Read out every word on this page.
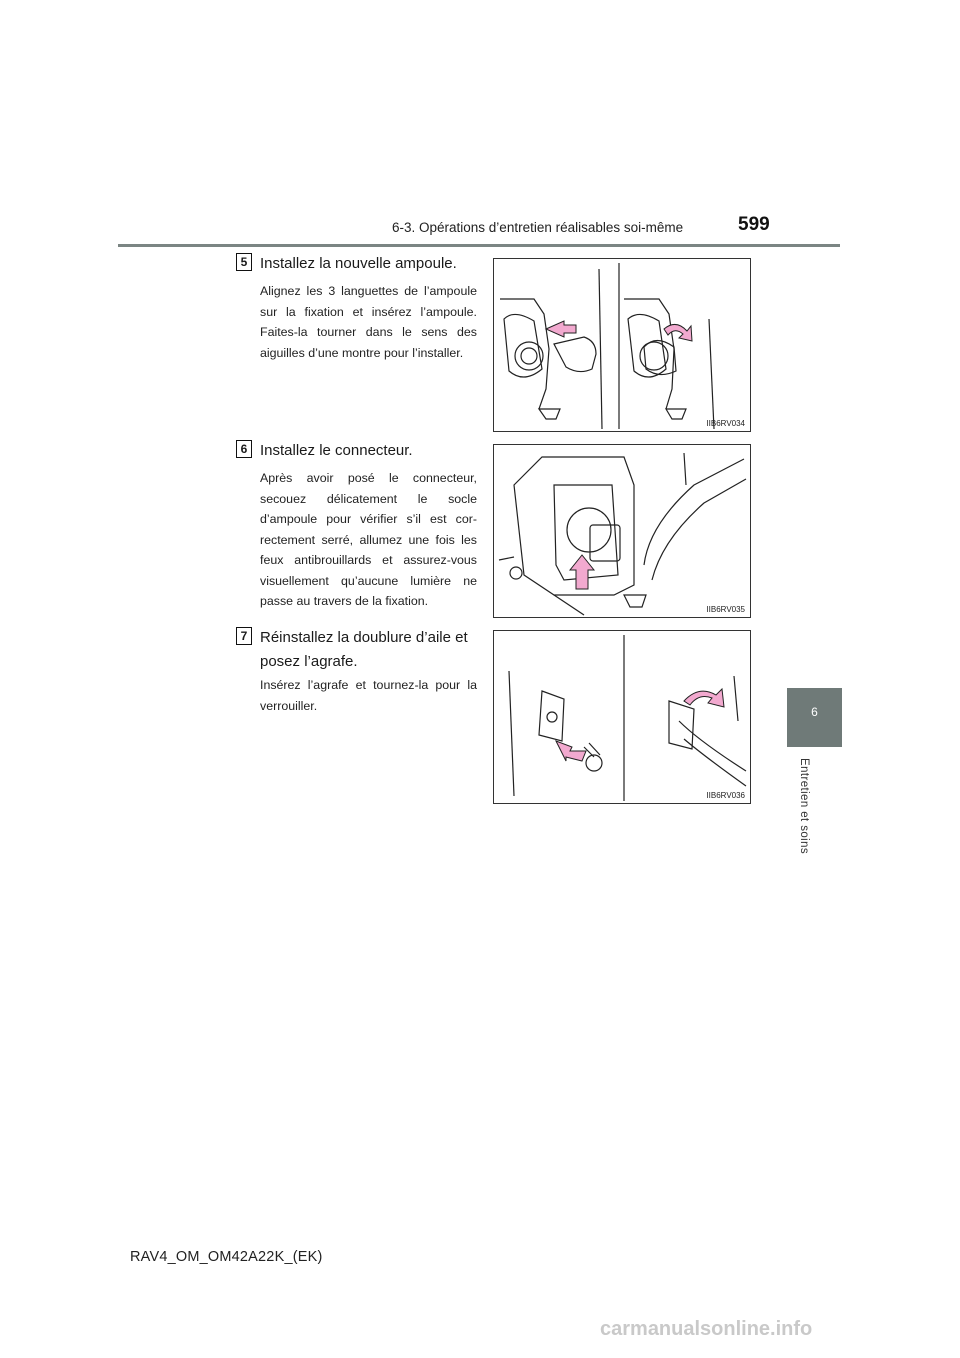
6-3. Opérations d’entretien réalisables soi-même	599
6
Entretien et soins
5 Installez la nouvelle ampoule.
Alignez les 3 languettes de l’ampoule sur la fixation et insérez l’ampoule. Faites-la tourner dans le sens des aiguilles d’une montre pour l’installer.
IIB6RV034
6 Installez le connecteur.
Après avoir posé le connecteur, secouez délicatement le socle d’ampoule pour vérifier s’il est cor-rectement serré, allumez une fois les feux antibrouillards et assurez-vous visuellement qu’aucune lumière ne passe au travers de la fixation.
IIB6RV035
7 Réinstallez la doublure d’aile et posez l’agrafe.
Insérez l’agrafe et tournez-la pour la verrouiller.
IIB6RV036
RAV4_OM_OM42A22K_(EK)
carmanualsonline.info
